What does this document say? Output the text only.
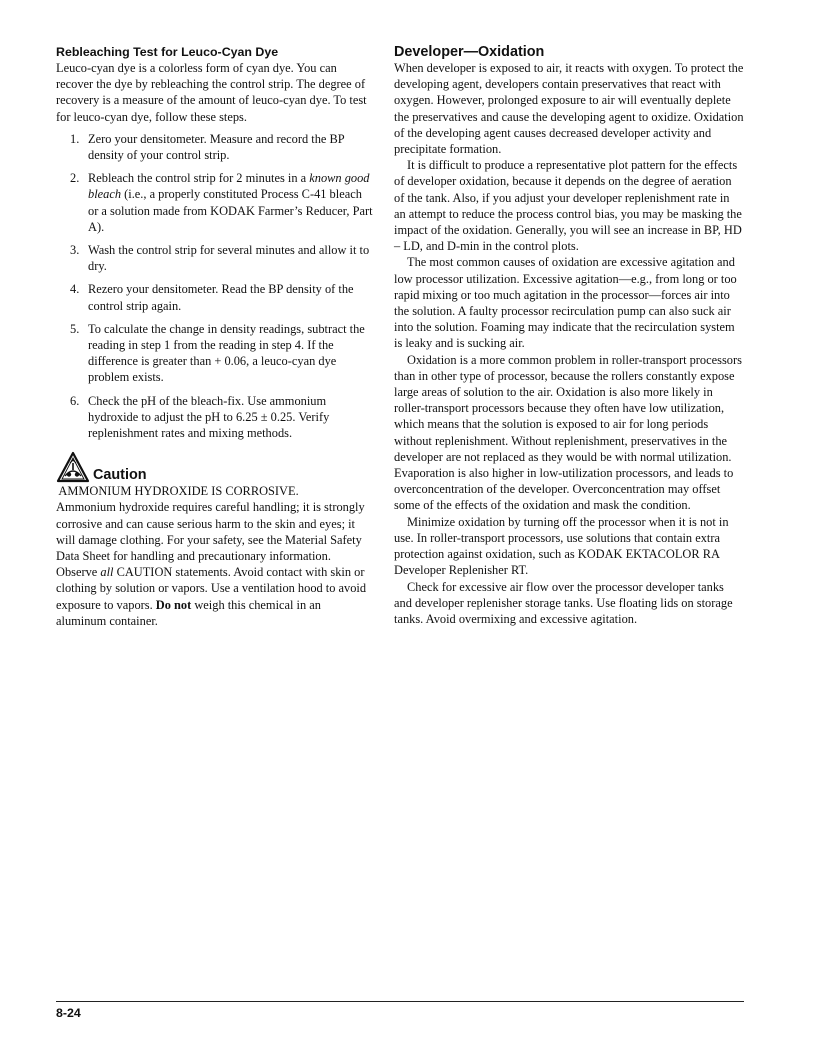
Rebleaching Test for Leuco-Cyan Dye

Leuco-cyan dye is a colorless form of cyan dye. You can recover the dye by rebleaching the control strip. The degree of recovery is a measure of the amount of leuco-cyan dye. To test for leuco-cyan dye, follow these steps.

1. Zero your densitometer. Measure and record the BP density of your control strip.
2. Rebleach the control strip for 2 minutes in a known good bleach (i.e., a properly constituted Process C-41 bleach or a solution made from KODAK Farmer’s Reducer, Part A).
3. Wash the control strip for several minutes and allow it to dry.
4. Rezero your densitometer. Read the BP density of the control strip again.
5. To calculate the change in density readings, subtract the reading in step 1 from the reading in step 4. If the difference is greater than + 0.06, a leuco-cyan dye problem exists.
6. Check the pH of the bleach-fix. Use ammonium hydroxide to adjust the pH to 6.25 ± 0.25. Verify replenishment rates and mixing methods.
Caution

AMMONIUM HYDROXIDE IS CORROSIVE.

Ammonium hydroxide requires careful handling; it is strongly corrosive and can cause serious harm to the skin and eyes; it will damage clothing. For your safety, see the Material Safety Data Sheet for handling and precautionary information. Observe all CAUTION statements. Avoid contact with skin or clothing by solution or vapors. Use a ventilation hood to avoid exposure to vapors. Do not weigh this chemical in an aluminum container.

Developer—Oxidation

When developer is exposed to air, it reacts with oxygen. To protect the developing agent, developers contain preservatives that react with oxygen. However, prolonged exposure to air will eventually deplete the preservatives and cause the developing agent to oxidize. Oxidation of the developing agent causes decreased developer activity and precipitate formation.

It is difficult to produce a representative plot pattern for the effects of developer oxidation, because it depends on the degree of aeration of the tank. Also, if you adjust your developer replenishment rate in an attempt to reduce the process control bias, you may be masking the impact of the oxidation. Generally, you will see an increase in BP, HD – LD, and D-min in the control plots.

The most common causes of oxidation are excessive agitation and low processor utilization. Excessive agitation—e.g., from long or too rapid mixing or too much agitation in the processor—forces air into the solution. A faulty processor recirculation pump can also suck air into the solution. Foaming may indicate that the recirculation system is leaky and is sucking air.

Oxidation is a more common problem in roller-transport processors than in other type of processor, because the rollers constantly expose large areas of solution to the air. Oxidation is also more likely in roller-transport processors because they often have low utilization, which means that the solution is exposed to air for long periods without replenishment. Without replenishment, preservatives in the developer are not replaced as they would be with normal utilization. Evaporation is also higher in low-utilization processors, and leads to overconcentration of the developer. Overconcentration may offset some of the effects of the oxidation and mask the condition.

Minimize oxidation by turning off the processor when it is not in use. In roller-transport processors, use solutions that contain extra protection against oxidation, such as KODAK EKTACOLOR RA Developer Replenisher RT.

Check for excessive air flow over the processor developer tanks and developer replenisher storage tanks. Use floating lids on storage tanks. Avoid overmixing and excessive agitation.

8-24
